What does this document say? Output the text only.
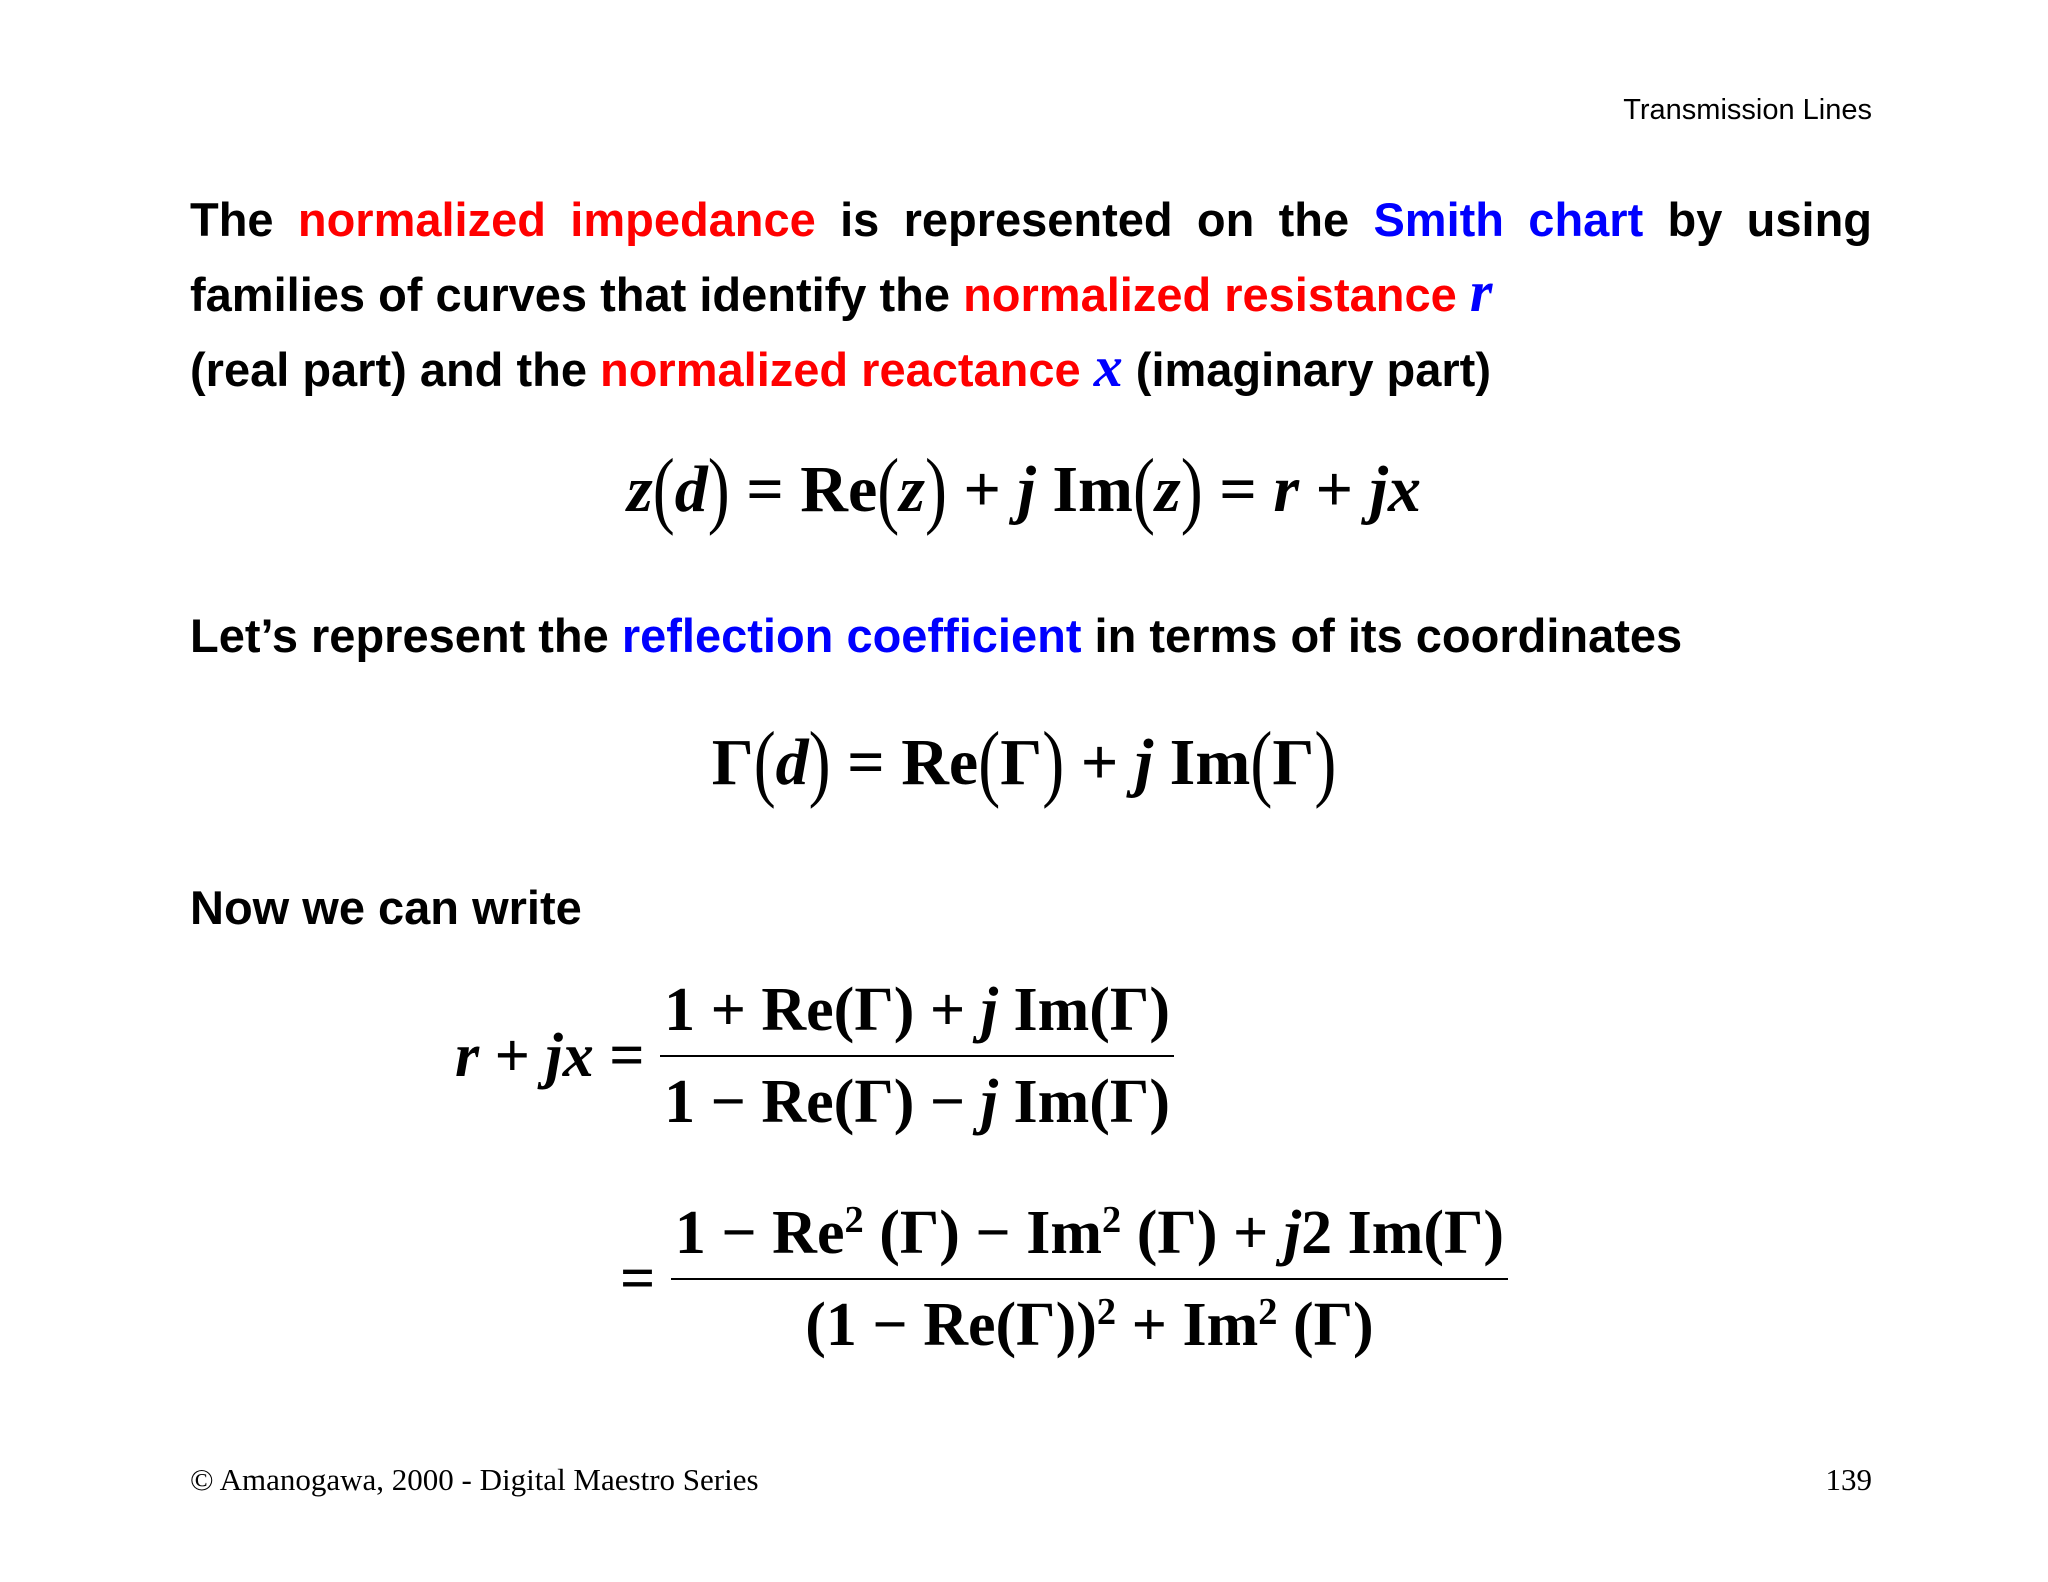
Transmission Lines
The normalized impedance is represented on the Smith chart by using families of curves that identify the normalized resistance r
(real part) and the normalized reactance x (imaginary part)
z(d) = Re(z) + j Im(z) = r + jx
Let’s represent the reflection coefficient in terms of its coordinates
Γ(d) = Re(Γ) + j Im(Γ)
Now we can write
r + jx = $\frac{\text{1 + Re(Γ) + j Im(Γ)}}{\text{1 − Re(Γ) − j Im(Γ)}}$
= $\frac{1 - Re^2 (\Gamma) - Im^2 (\Gamma) + j2 Im(\Gamma)}{(1 - Re(\Gamma))^2 + Im^2 (\Gamma)}$
© Amanogawa, 2000 - Digital Maestro Series	139
